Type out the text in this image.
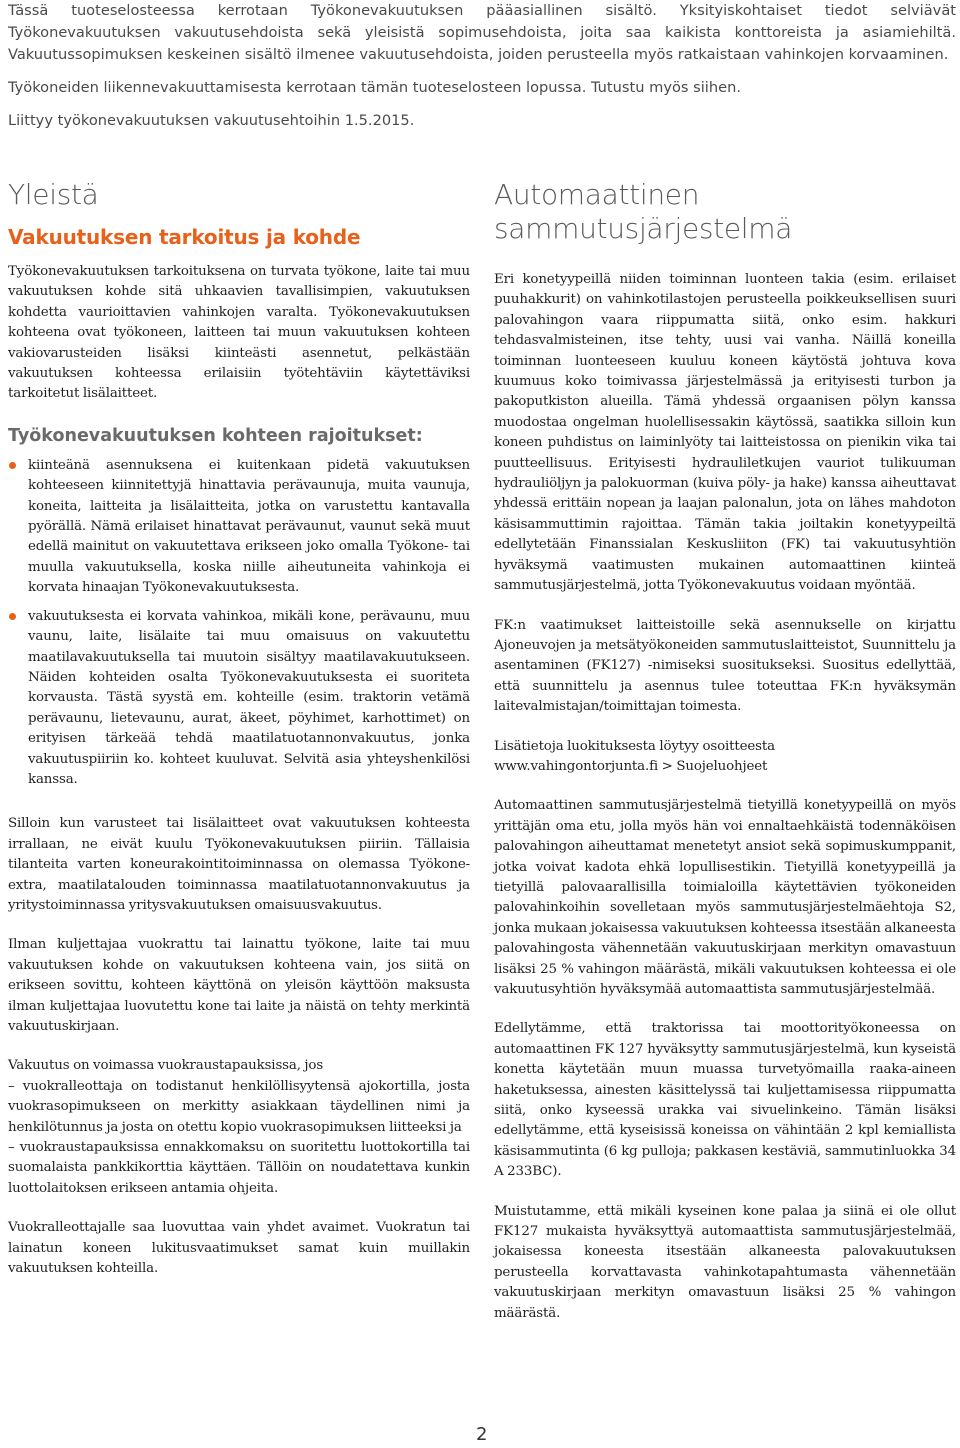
Tässä tuoteselosteessa kerrotaan Työkonevakuutuksen pääasiallinen sisältö. Yksityiskohtaiset tiedot selviävät Työkonevakuutuksen vakuutusehdoista sekä yleisistä sopimusehdoista, joita saa kaikista konttoreista ja asiamiehiltä. Vakuutussopimuksen keskeinen sisältö ilmenee vakuutusehdoista, joiden perusteella myös ratkaistaan vahinkojen korvaaminen.

Työkoneiden liikennevakuuttamisesta kerrotaan tämän tuoteselosteen lopussa. Tutustu myös siihen.

Liittyy työkonevakuutuksen vakuutusehtoihin 1.5.2015.

Yleistä
Vakuutuksen tarkoitus ja kohde

Työkonevakuutuksen tarkoituksena on turvata työkone, laite tai muu vakuutuksen kohde sitä uhkaavien tavallisimpien, vakuutuksen kohdetta vaurioittavien vahinkojen varalta. Työkonevakuutuksen kohteena ovat työkoneen, laitteen tai muun vakuutuksen kohteen vakiovarusteiden lisäksi kiinteästi asennetut, pelkästään vakuutuksen kohteessa erilaisiin työtehtäviin käytettäviksi tarkoitetut lisälaitteet.

Työkonevakuutuksen kohteen rajoitukset:

kiinteänä asennuksena ei kuitenkaan pidetä vakuutuksen kohteeseen kiinnitettyjä hinattavia perävaunuja, muita vaunuja, koneita, laitteita ja lisälaitteita, jotka on varustettu kantavalla pyörällä. Nämä erilaiset hinattavat perävaunut, vaunut sekä muut edellä mainitut on vakuutettava erikseen joko omalla Työkone- tai muulla vakuutuksella, koska niille aiheutuneita vahinkoja ei korvata hinaajan Työkonevakuutuksesta.

vakuutuksesta ei korvata vahinkoa, mikäli kone, perävaunu, muu vaunu, laite, lisälaite tai muu omaisuus on vakuutettu maatilavakuutuksella tai muutoin sisältyy maatilavakuutukseen. Näiden kohteiden osalta Työkonevakuutuksesta ei suoriteta korvausta. Tästä syystä em. kohteille (esim. traktorin vetämä perävaunu, lietevaunu, aurat, äkeet, pöyhimet, karhottimet) on erityisen tärkeää tehdä maatilatuotannonvakuutus, jonka vakuutuspiiriin ko. kohteet kuuluvat. Selvitä asia yhteyshenkilösi kanssa.

Silloin kun varusteet tai lisälaitteet ovat vakuutuksen kohteesta irrallaan, ne eivät kuulu Työkonevakuutuksen piiriin. Tällaisia tilanteita varten koneurakointitoiminnassa on olemassa Työkone-extra, maatilatalouden toiminnassa maatilatuotannonvakuutus ja yritystoiminnassa yritysvakuutuksen omaisuusvakuutus.

Ilman kuljettajaa vuokrattu tai lainattu työkone, laite tai muu vakuutuksen kohde on vakuutuksen kohteena vain, jos siitä on erikseen sovittu, kohteen käyttönä on yleisön käyttöön maksusta ilman kuljettajaa luovutettu kone tai laite ja näistä on tehty merkintä vakuutuskirjaan.

Vakuutus on voimassa vuokraustapauksissa, jos

– vuokralleottaja on todistanut henkilöllisyytensä ajokortilla, josta vuokrasopimukseen on merkitty asiakkaan täydellinen nimi ja henkilötunnus ja josta on otettu kopio vuokrasopimuksen liitteeksi ja

– vuokraustapauksissa ennakkomaksu on suoritettu luottokortilla tai suomalaista pankkikorttia käyttäen. Tällöin on noudatettava kunkin luottolaitoksen erikseen antamia ohjeita.

Vuokralleottajalle saa luovuttaa vain yhdet avaimet. Vuokratun tai lainatun koneen lukitusvaatimukset samat kuin muillakin vakuutuksen kohteilla.

Automaattinen sammutusjärjestelmä

Eri konetyypeillä niiden toiminnan luonteen takia (esim. erilaiset puuhakkurit) on vahinkotilastojen perusteella poikkeuksellisen suuri palovahingon vaara riippumatta siitä, onko esim. hakkuri tehdasvalmisteinen, itse tehty, uusi vai vanha. Näillä koneilla toiminnan luonteeseen kuuluu koneen käytöstä johtuva kova kuumuus koko toimivassa järjestelmässä ja erityisesti turbon ja pakoputkiston alueilla. Tämä yhdessä orgaanisen pölyn kanssa muodostaa ongelman huolellisessakin käytössä, saatikka silloin kun koneen puhdistus on laiminlyöty tai laitteistossa on pienikin vika tai puutteellisuus. Erityisesti hydrauliletkujen vauriot tulikuuman hydrauliöljyn ja palokuorman (kuiva pöly- ja hake) kanssa aiheuttavat yhdessä erittäin nopean ja laajan palonalun, jota on lähes mahdoton käsisammuttimin rajoittaa. Tämän takia joiltakin konetyypeiltä edellytetään Finanssialan Keskusliiton (FK) tai vakuutusyhtiön hyväksymä vaatimusten mukainen automaattinen kiinteä sammutusjärjestelmä, jotta Työkonevakuutus voidaan myöntää.

FK:n vaatimukset laitteistoille sekä asennukselle on kirjattu Ajoneuvojen ja metsätyökoneiden sammutuslaitteistot, Suunnittelu ja asentaminen (FK127) -nimiseksi suositukseksi. Suositus edellyttää, että suunnittelu ja asennus tulee toteuttaa FK:n hyväksymän laitevalmistajan/toimittajan toimesta.

Lisätietoja luokituksesta löytyy osoitteesta

www.vahingontorjunta.fi > Suojeluohjeet

Automaattinen sammutusjärjestelmä tietyillä konetyypeillä on myös yrittäjän oma etu, jolla myös hän voi ennaltaehkäistä todennäköisen palovahingon aiheuttamat menetetyt ansiot sekä sopimuskumppanit, jotka voivat kadota ehkä lopullisestikin. Tietyillä konetyypeillä ja tietyillä palovaarallisilla toimialoilla käytettävien työkoneiden palovahinkoihin sovelletaan myös sammutusjärjestelmäehtoja S2, jonka mukaan jokaisessa vakuutuksen kohteessa itsestään alkaneesta palovahingosta vähennetään vakuutuskirjaan merkityn omavastuun lisäksi 25 % vahingon määrästä, mikäli vakuutuksen kohteessa ei ole vakuutusyhtiön hyväksymää automaattista sammutusjärjestelmää.

Edellytämme, että traktorissa tai moottorityökoneessa on automaattinen FK 127 hyväksytty sammutusjärjestelmä, kun kyseistä konetta käytetään muun muassa turvetyömailla raaka-aineen haketuksessa, ainesten käsittelyssä tai kuljettamisessa riippumatta siitä, onko kyseessä urakka vai sivuelinkeino. Tämän lisäksi edellytämme, että kyseisissä koneissa on vähintään 2 kpl kemiallista käsisammutinta (6 kg pulloja; pakkasen kestäviä, sammutinluokka 34 A 233BC).

Muistutamme, että mikäli kyseinen kone palaa ja siinä ei ole ollut FK127 mukaista hyväksyttyä automaattista sammutusjärjestelmää, jokaisessa koneesta itsestään alkaneesta palovakuutuksen perusteella korvattavasta vahinkotapahtumasta vähennetään vakuutuskirjaan merkityn omavastuun lisäksi 25 % vahingon määrästä.

2
